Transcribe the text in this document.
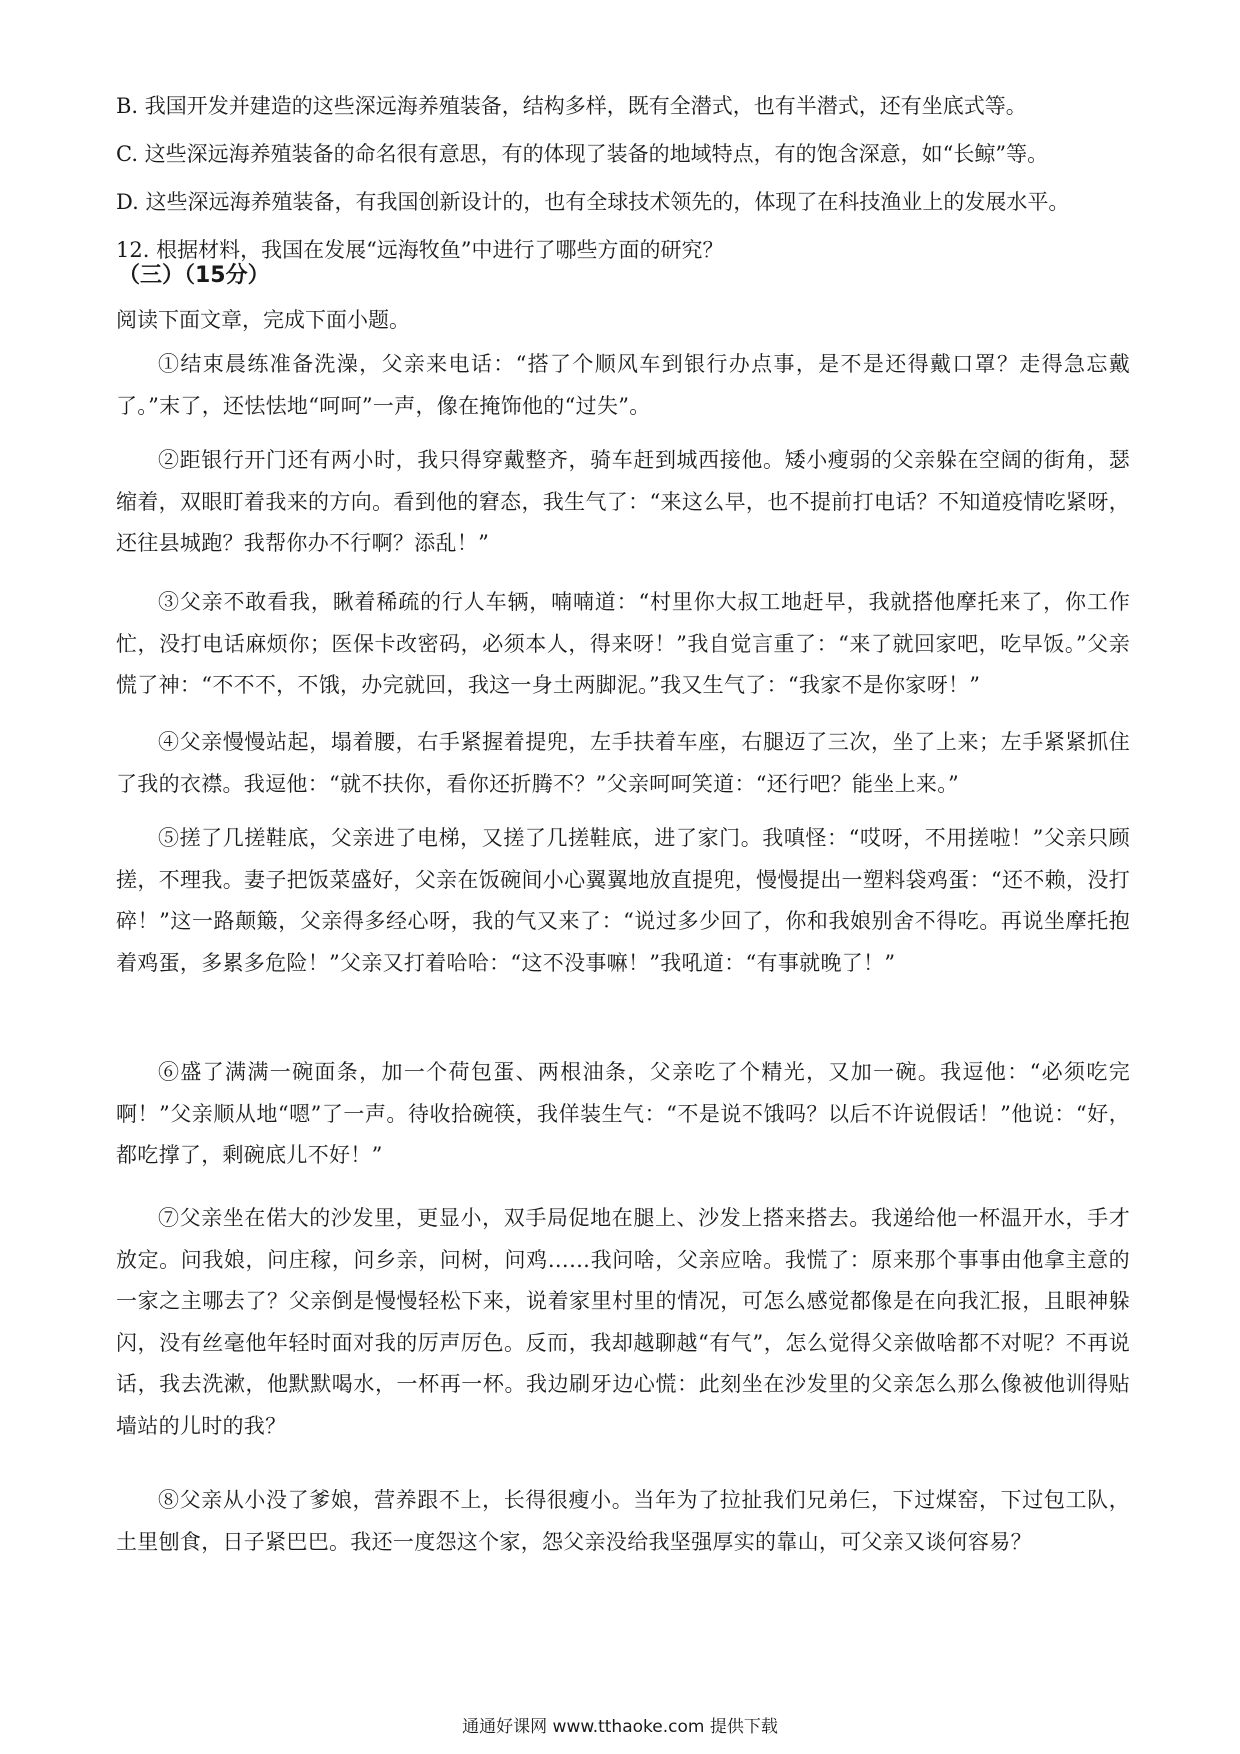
B. 我国开发并建造的这些深远海养殖装备，结构多样，既有全潜式，也有半潜式，还有坐底式等。
C. 这些深远海养殖装备的命名很有意思，有的体现了装备的地域特点，有的饱含深意，如“长鲸”等。
D. 这些深远海养殖装备，有我国创新设计的，也有全球技术领先的，体现了在科技渔业上的发展水平。
12. 根据材料，我国在发展“远海牧鱼”中进行了哪些方面的研究？
（三）（15分）
阅读下面文章，完成下面小题。
①结束晨练准备洗澡，父亲来电话：“搭了个顺风车到银行办点事，是不是还得戴口罩？走得急忘戴了。”末了，还怯怯地“呵呵”一声，像在掩饰他的“过失”。
②距银行开门还有两小时，我只得穿戴整齐，骑车赶到城西接他。矮小瘦弱的父亲躲在空阔的街角，瑟缩着，双眼盯着我来的方向。看到他的窘态，我生气了：“来这么早，也不提前打电话？不知道疫情吃紧呀，还往县城跑？我帮你办不行啊？添乱！”
③父亲不敢看我，瞅着稀疏的行人车辆，喃喃道：“村里你大叔工地赶早，我就搭他摩托来了，你工作忙，没打电话麻烦你；医保卡改密码，必须本人，得来呀！”我自觉言重了：“来了就回家吧，吃早饭。”父亲慌了神：“不不不，不饿，办完就回，我这一身土两脚泥。”我又生气了：“我家不是你家呀！”
④父亲慢慢站起，塌着腰，右手紧握着提兜，左手扶着车座，右腿迈了三次，坐了上来；左手紧紧抓住了我的衣襟。我逗他：“就不扶你，看你还折腾不？”父亲呵呵笑道：“还行吧？能坐上来。”
⑤搓了几搓鞋底，父亲进了电梯，又搓了几搓鞋底，进了家门。我嗔怪：“哎呀，不用搓啦！”父亲只顾搓，不理我。妻子把饭菜盛好，父亲在饭碗间小心翼翼地放直提兜，慢慢提出一塑料袋鸡蛋：“还不赖，没打碎！”这一路颠簸，父亲得多经心呀，我的气又来了：“说过多少回了，你和我娘别舍不得吃。再说坐摩托抱着鸡蛋，多累多危险！”父亲又打着哈哈：“这不没事嘛！”我吼道：“有事就晚了！”
⑥盛了满满一碗面条，加一个荷包蛋、两根油条，父亲吃了个精光，又加一碗。我逗他：“必须吃完啊！”父亲顺从地“嗯”了一声。待收拾碗筷，我佯装生气：“不是说不饿吗？以后不许说假话！”他说：“好，都吃撑了，剩碗底儿不好！”
⑦父亲坐在偌大的沙发里，更显小，双手局促地在腿上、沙发上搭来搭去。我递给他一杯温开水，手才放定。问我娘，问庄稼，问乡亲，问树，问鸡……我问啥，父亲应啥。我慌了：原来那个事事由他拿主意的一家之主哪去了？父亲倒是慢慢轻松下来，说着家里村里的情况，可怎么感觉都像是在向我汇报，且眼神躲闪，没有丝毫他年轻时面对我的厉声厉色。反而，我却越聊越“有气”，怎么觉得父亲做啥都不对呢？不再说话，我去洗漱，他默默喝水，一杯再一杯。我边刷牙边心慌：此刻坐在沙发里的父亲怎么那么像被他训得贴墙站的儿时的我？
⑧父亲从小没了爹娘，营养跟不上，长得很瘦小。当年为了拉扯我们兄弟仨，下过煤窑，下过包工队，土里刨食，日子紧巴巴。我还一度怨这个家，怨父亲没给我坚强厚实的靠山，可父亲又谈何容易？
通通好课网 www.tthaoke.com 提供下载
